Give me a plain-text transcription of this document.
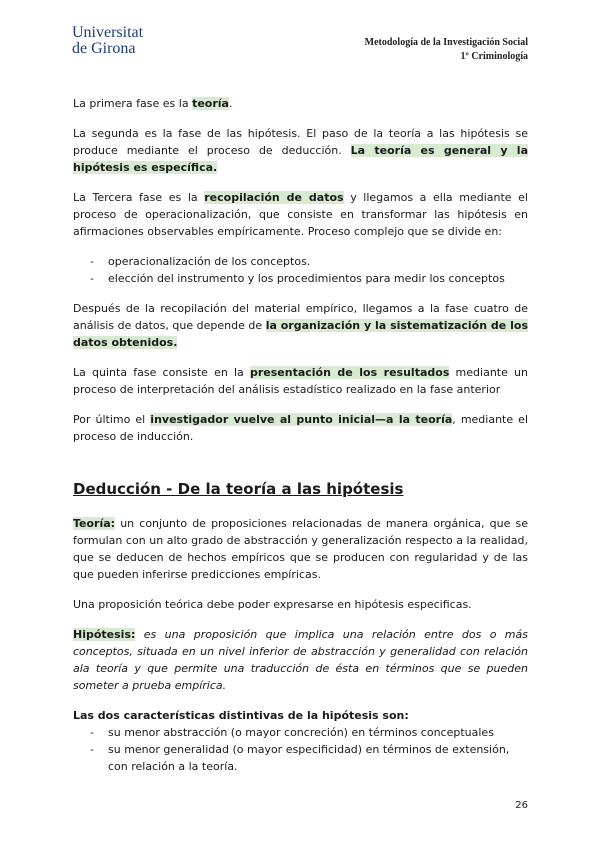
Universitat
de Girona	Metodología de la Investigación Social
1º Criminología

La primera fase es la teoría.

La segunda es la fase de las hipótesis. El paso de la teoría a las hipótesis se produce mediante el proceso de deducción. La teoría es general y la hipótesis es específica.

La Tercera fase es la recopilación de datos y llegamos a ella mediante el proceso de operacionalización, que consiste en transformar las hipótesis en afirmaciones observables empíricamente. Proceso complejo que se divide en:

- operacionalización de los conceptos.
- elección del instrumento y los procedimientos para medir los conceptos

Después de la recopilación del material empírico, llegamos a la fase cuatro de análisis de datos, que depende de la organización y la sistematización de los datos obtenidos.

La quinta fase consiste en la presentación de los resultados mediante un proceso de interpretación del análisis estadístico realizado en la fase anterior

Por último el investigador vuelve al punto inicial—a la teoría, mediante el proceso de inducción.

Deducción - De la teoría a las hipótesis

Teoría: un conjunto de proposiciones relacionadas de manera orgánica, que se formulan con un alto grado de abstracción y generalización respecto a la realidad, que se deducen de hechos empíricos que se producen con regularidad y de las que pueden inferirse predicciones empíricas.

Una proposición teórica debe poder expresarse en hipótesis especificas.

Hipótesis: es una proposición que implica una relación entre dos o más conceptos, situada en un nivel inferior de abstracción y generalidad con relación ala teoría y que permite una traducción de ésta en términos que se pueden someter a prueba empírica.

Las dos características distintivas de la hipótesis son:
- su menor abstracción (o mayor concreción) en términos conceptuales
- su menor generalidad (o mayor especificidad) en términos de extensión, con relación a la teoría.
26
